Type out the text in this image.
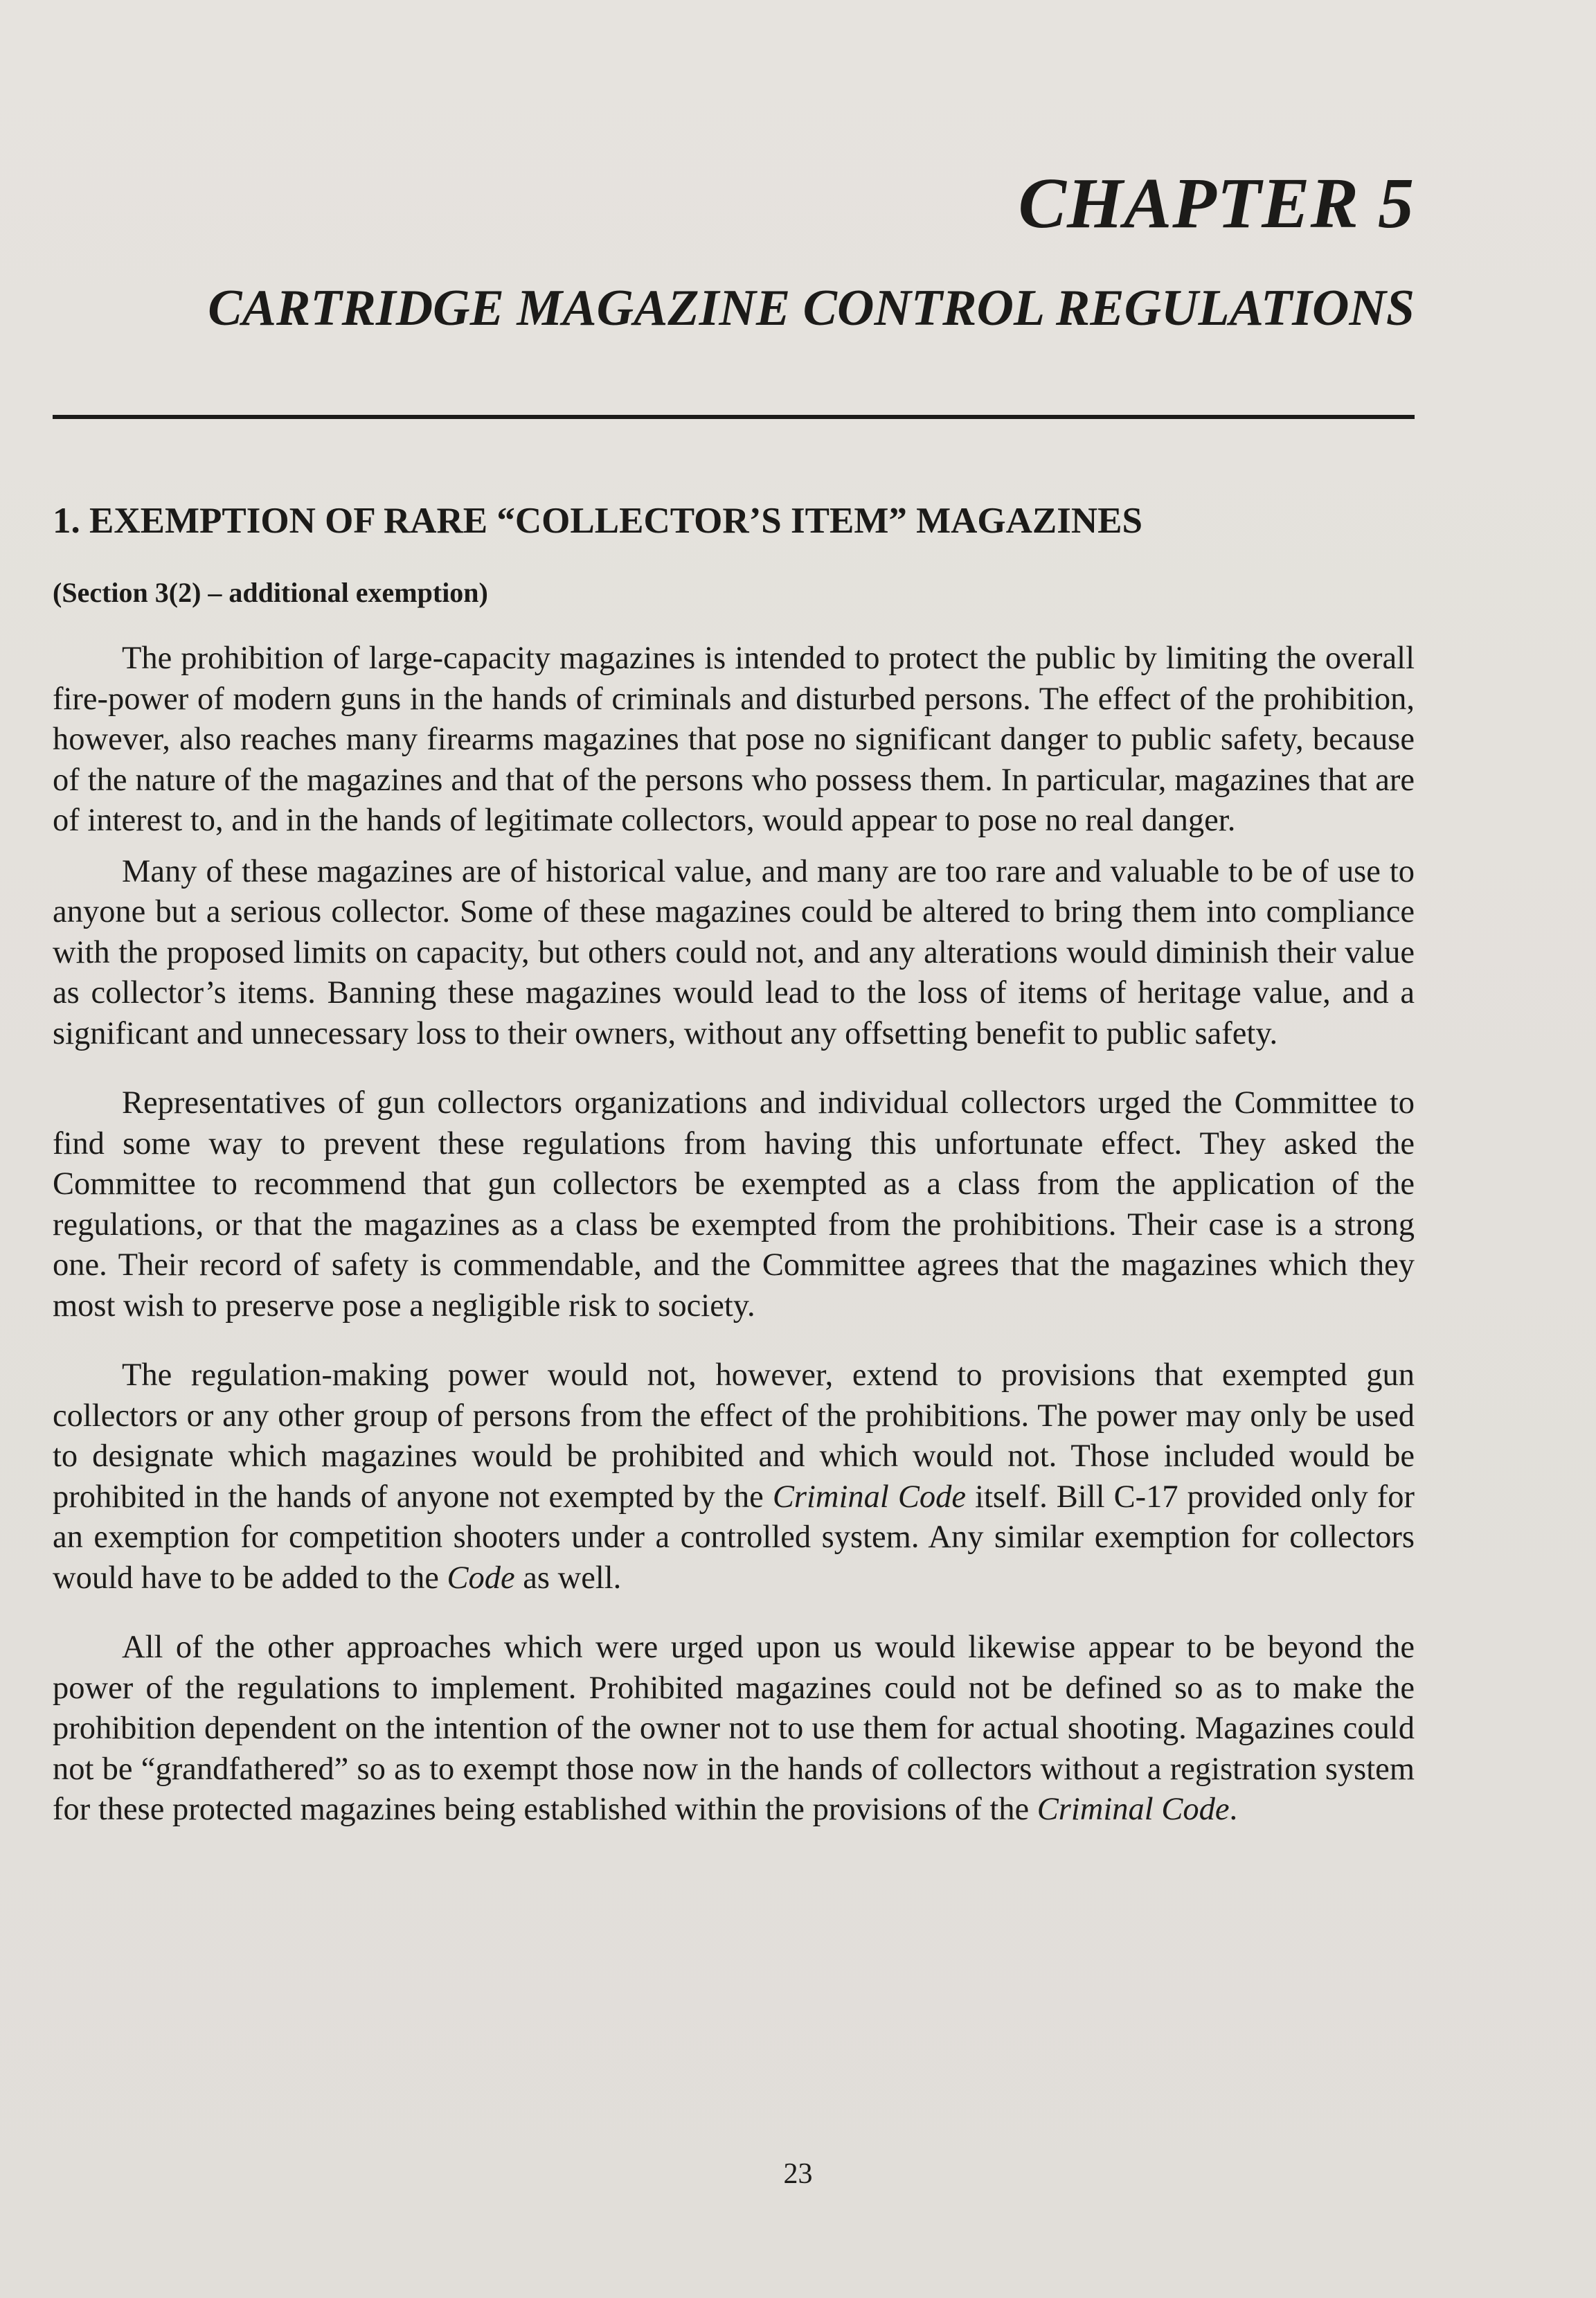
CHAPTER 5
CARTRIDGE MAGAZINE CONTROL REGULATIONS
1. EXEMPTION OF RARE “COLLECTOR’S ITEM” MAGAZINES
(Section 3(2) – additional exemption)

The prohibition of large-capacity magazines is intended to protect the public by limiting the overall fire-power of modern guns in the hands of criminals and disturbed persons. The effect of the prohibition, however, also reaches many firearms magazines that pose no significant danger to public safety, because of the nature of the magazines and that of the persons who possess them. In particular, magazines that are of interest to, and in the hands of legitimate collectors, would appear to pose no real danger.

Many of these magazines are of historical value, and many are too rare and valuable to be of use to anyone but a serious collector. Some of these magazines could be altered to bring them into compliance with the proposed limits on capacity, but others could not, and any alterations would diminish their value as collector’s items. Banning these magazines would lead to the loss of items of heritage value, and a significant and unnecessary loss to their owners, without any offsetting benefit to public safety.

Representatives of gun collectors organizations and individual collectors urged the Committee to find some way to prevent these regulations from having this unfortunate effect. They asked the Committee to recommend that gun collectors be exempted as a class from the application of the regulations, or that the magazines as a class be exempted from the prohibitions. Their case is a strong one. Their record of safety is commendable, and the Committee agrees that the magazines which they most wish to preserve pose a negligible risk to society.

The regulation-making power would not, however, extend to provisions that exempted gun collectors or any other group of persons from the effect of the prohibitions. The power may only be used to designate which magazines would be prohibited and which would not. Those included would be prohibited in the hands of anyone not exempted by the Criminal Code itself. Bill C-17 provided only for an exemption for competition shooters under a controlled system. Any similar exemption for collectors would have to be added to the Code as well.

All of the other approaches which were urged upon us would likewise appear to be beyond the power of the regulations to implement. Prohibited magazines could not be defined so as to make the prohibition dependent on the intention of the owner not to use them for actual shooting. Magazines could not be “grandfathered” so as to exempt those now in the hands of collectors without a registration system for these protected magazines being established within the provisions of the Criminal Code.

23
